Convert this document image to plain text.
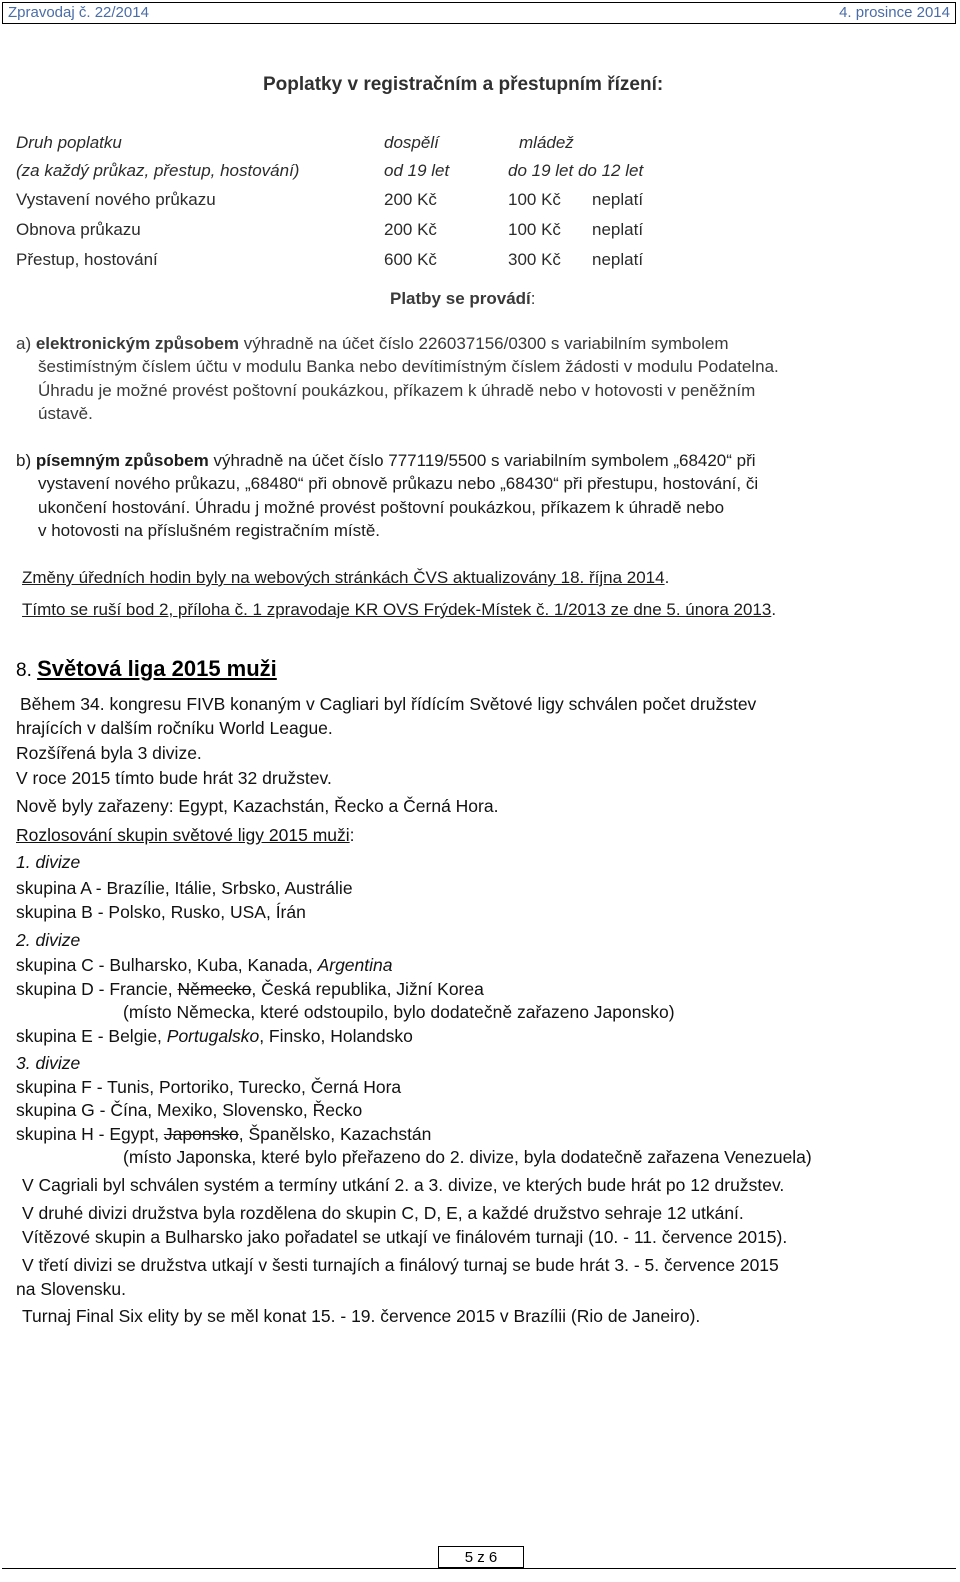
Zpravodaj č. 22/2014	4. prosince 2014
Poplatky v registračním a přestupním řízení:
Druh poplatku	dospělí	mládež
(za každý průkaz, přestup, hostování)	od 19 let	do 19 let do 12 let
Vystavení nového průkazu	200 Kč	100 Kč neplatí
Obnova průkazu	200 Kč	100 Kč neplatí
Přestup, hostování	600 Kč	300 Kč neplatí
Platby se provádí:
a) elektronickým způsobem výhradně na účet číslo 226037156/0300 s variabilním symbolem
šestimístným číslem účtu v modulu Banka nebo devítimístným číslem žádosti v modulu Podatelna.
Úhradu je možné provést poštovní poukázkou, příkazem k úhradě nebo v hotovosti v peněžním
ústavě.
b) písemným způsobem výhradně na účet číslo 777119/5500 s variabilním symbolem „68420“ při
vystavení nového průkazu, „68480“ při obnově průkazu nebo „68430“ při přestupu, hostování, či
ukončení hostování. Úhradu j možné provést poštovní poukázkou, příkazem k úhradě nebo
v hotovosti na příslušném registračním místě.
Změny úředních hodin byly na webových stránkách ČVS aktualizovány 18. října 2014.
Tímto se ruší bod 2, příloha č. 1 zpravodaje KR OVS Frýdek-Místek č. 1/2013 ze dne 5. února 2013.
8. Světová liga 2015 muži
Během 34. kongresu FIVB konaným v Cagliari byl řídícím Světové ligy schválen počet družstev
hrajících v dalším ročníku World League.
Rozšířená byla 3 divize.
V roce 2015 tímto bude hrát 32 družstev.
Nově byly zařazeny: Egypt, Kazachstán, Řecko a Černá Hora.
Rozlosování skupin světové ligy 2015 muži:
1. divize
skupina A - Brazílie, Itálie, Srbsko, Austrálie
skupina B - Polsko, Rusko, USA, Írán
2. divize
skupina C - Bulharsko, Kuba, Kanada, Argentina
skupina D - Francie, Německo, Česká republika, Jižní Korea
(místo Německa, které odstoupilo, bylo dodatečně zařazeno Japonsko)
skupina E - Belgie, Portugalsko, Finsko, Holandsko
3. divize
skupina F - Tunis, Portoriko, Turecko, Černá Hora
skupina G - Čína, Mexiko, Slovensko, Řecko
skupina H - Egypt, Japonsko, Španělsko, Kazachstán
(místo Japonska, které bylo přeřazeno do 2. divize, byla dodatečně zařazena Venezuela)
V Cagriali byl schválen systém a termíny utkání 2. a 3. divize, ve kterých bude hrát po 12 družstev.
V druhé divizi družstva byla rozdělena do skupin C, D, E, a každé družstvo sehraje 12 utkání.
Vítězové skupin a Bulharsko jako pořadatel se utkají ve finálovém turnaji (10. - 11. července 2015).
V třetí divizi se družstva utkají v šesti turnajích a finálový turnaj se bude hrát 3. - 5. července 2015
na Slovensku.
Turnaj Final Six elity by se měl konat 15. - 19. července 2015 v Brazílii (Rio de Janeiro).
5 z 6
